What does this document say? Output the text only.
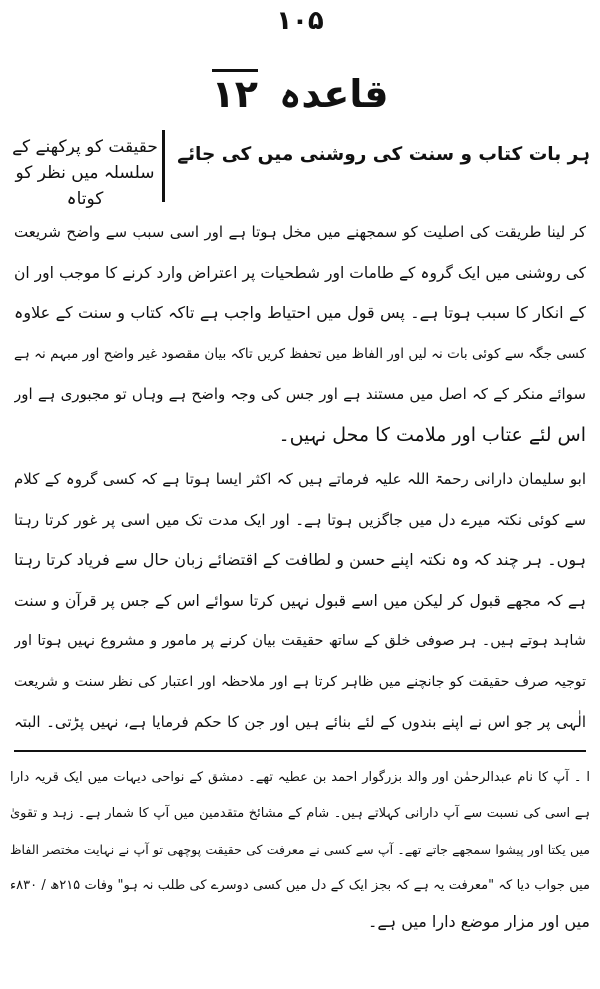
۱۰۵
قاعدہ ۱۲
حقیقت کو پرکھنے کے
سلسلہ میں نظر کو کوتاہ
ہر بات کتاب و سنت کی روشنی میں کی جائے
کر لینا طریقت کی اصلیت کو سمجھنے میں مخل ہوتا ہے اور اسی سبب سے واضح شریعت
کی روشنی میں ایک گروہ کے طامات اور شطحیات پر اعتراض وارد کرنے کا موجب اور ان
کے انکار کا سبب ہوتا ہے۔ پس قول میں احتیاط واجب ہے تاکہ کتاب و سنت کے علاوہ
کسی جگہ سے کوئی بات نہ لیں اور الفاظ میں تحفظ کریں تاکہ بیان مقصود غیر واضح اور مبہم نہ ہے
سوائے منکر کے کہ اصل میں مستند ہے اور جس کی وجہ واضح ہے وہاں تو مجبوری ہے اور
اس لئے عتاب اور ملامت کا محل نہیں۔
ابو سلیمان دارانی رحمۃ اللہ علیہ فرماتے ہیں کہ اکثر ایسا ہوتا ہے کہ کسی گروہ کے کلام
سے کوئی نکتہ میرے دل میں جاگزیں ہوتا ہے۔ اور ایک مدت تک میں اسی پر غور کرتا رہتا
ہوں۔ ہر چند کہ وہ نکتہ اپنے حسن و لطافت کے اقتضائے زبان حال سے فریاد کرتا رہتا
ہے کہ مجھے قبول کر لیکن میں اسے قبول نہیں کرتا سوائے اس کے جس پر قرآن و سنت
شاہد ہوتے ہیں۔ ہر صوفی خلق کے ساتھ حقیقت بیان کرنے پر مامور و مشروع نہیں ہوتا اور
توجیہ صرف حقیقت کو جانچنے میں ظاہر کرتا ہے اور ملاحظہ اور اعتبار کی نظر سنت و شریعت
الٰہی پر جو اس نے اپنے بندوں کے لئے بنائے ہیں اور جن کا حکم فرمایا ہے، نہیں پڑتی۔ البتہ
ا ۔ آپ کا نام عبدالرحمٰن اور والد بزرگوار احمد بن عطیہ تھے۔ دمشق کے نواحی دیہات میں ایک قریہ دارا
ہے اسی کی نسبت سے آپ دارانی کہلاتے ہیں۔ شام کے مشائخ متقدمین میں آپ کا شمار ہے۔ زہد و تقویٰ
میں یکتا اور پیشوا سمجھے جاتے تھے۔ آپ سے کسی نے معرفت کی حقیقت پوچھی تو آپ نے نہایت مختصر الفاظ
میں جواب دیا کہ "معرفت یہ ہے کہ بجز ایک کے دل میں کسی دوسرے کی طلب نہ ہو" وفات ۲۱۵ھ / ۸۳۰ء
میں اور مزار موضع دارا میں ہے۔
